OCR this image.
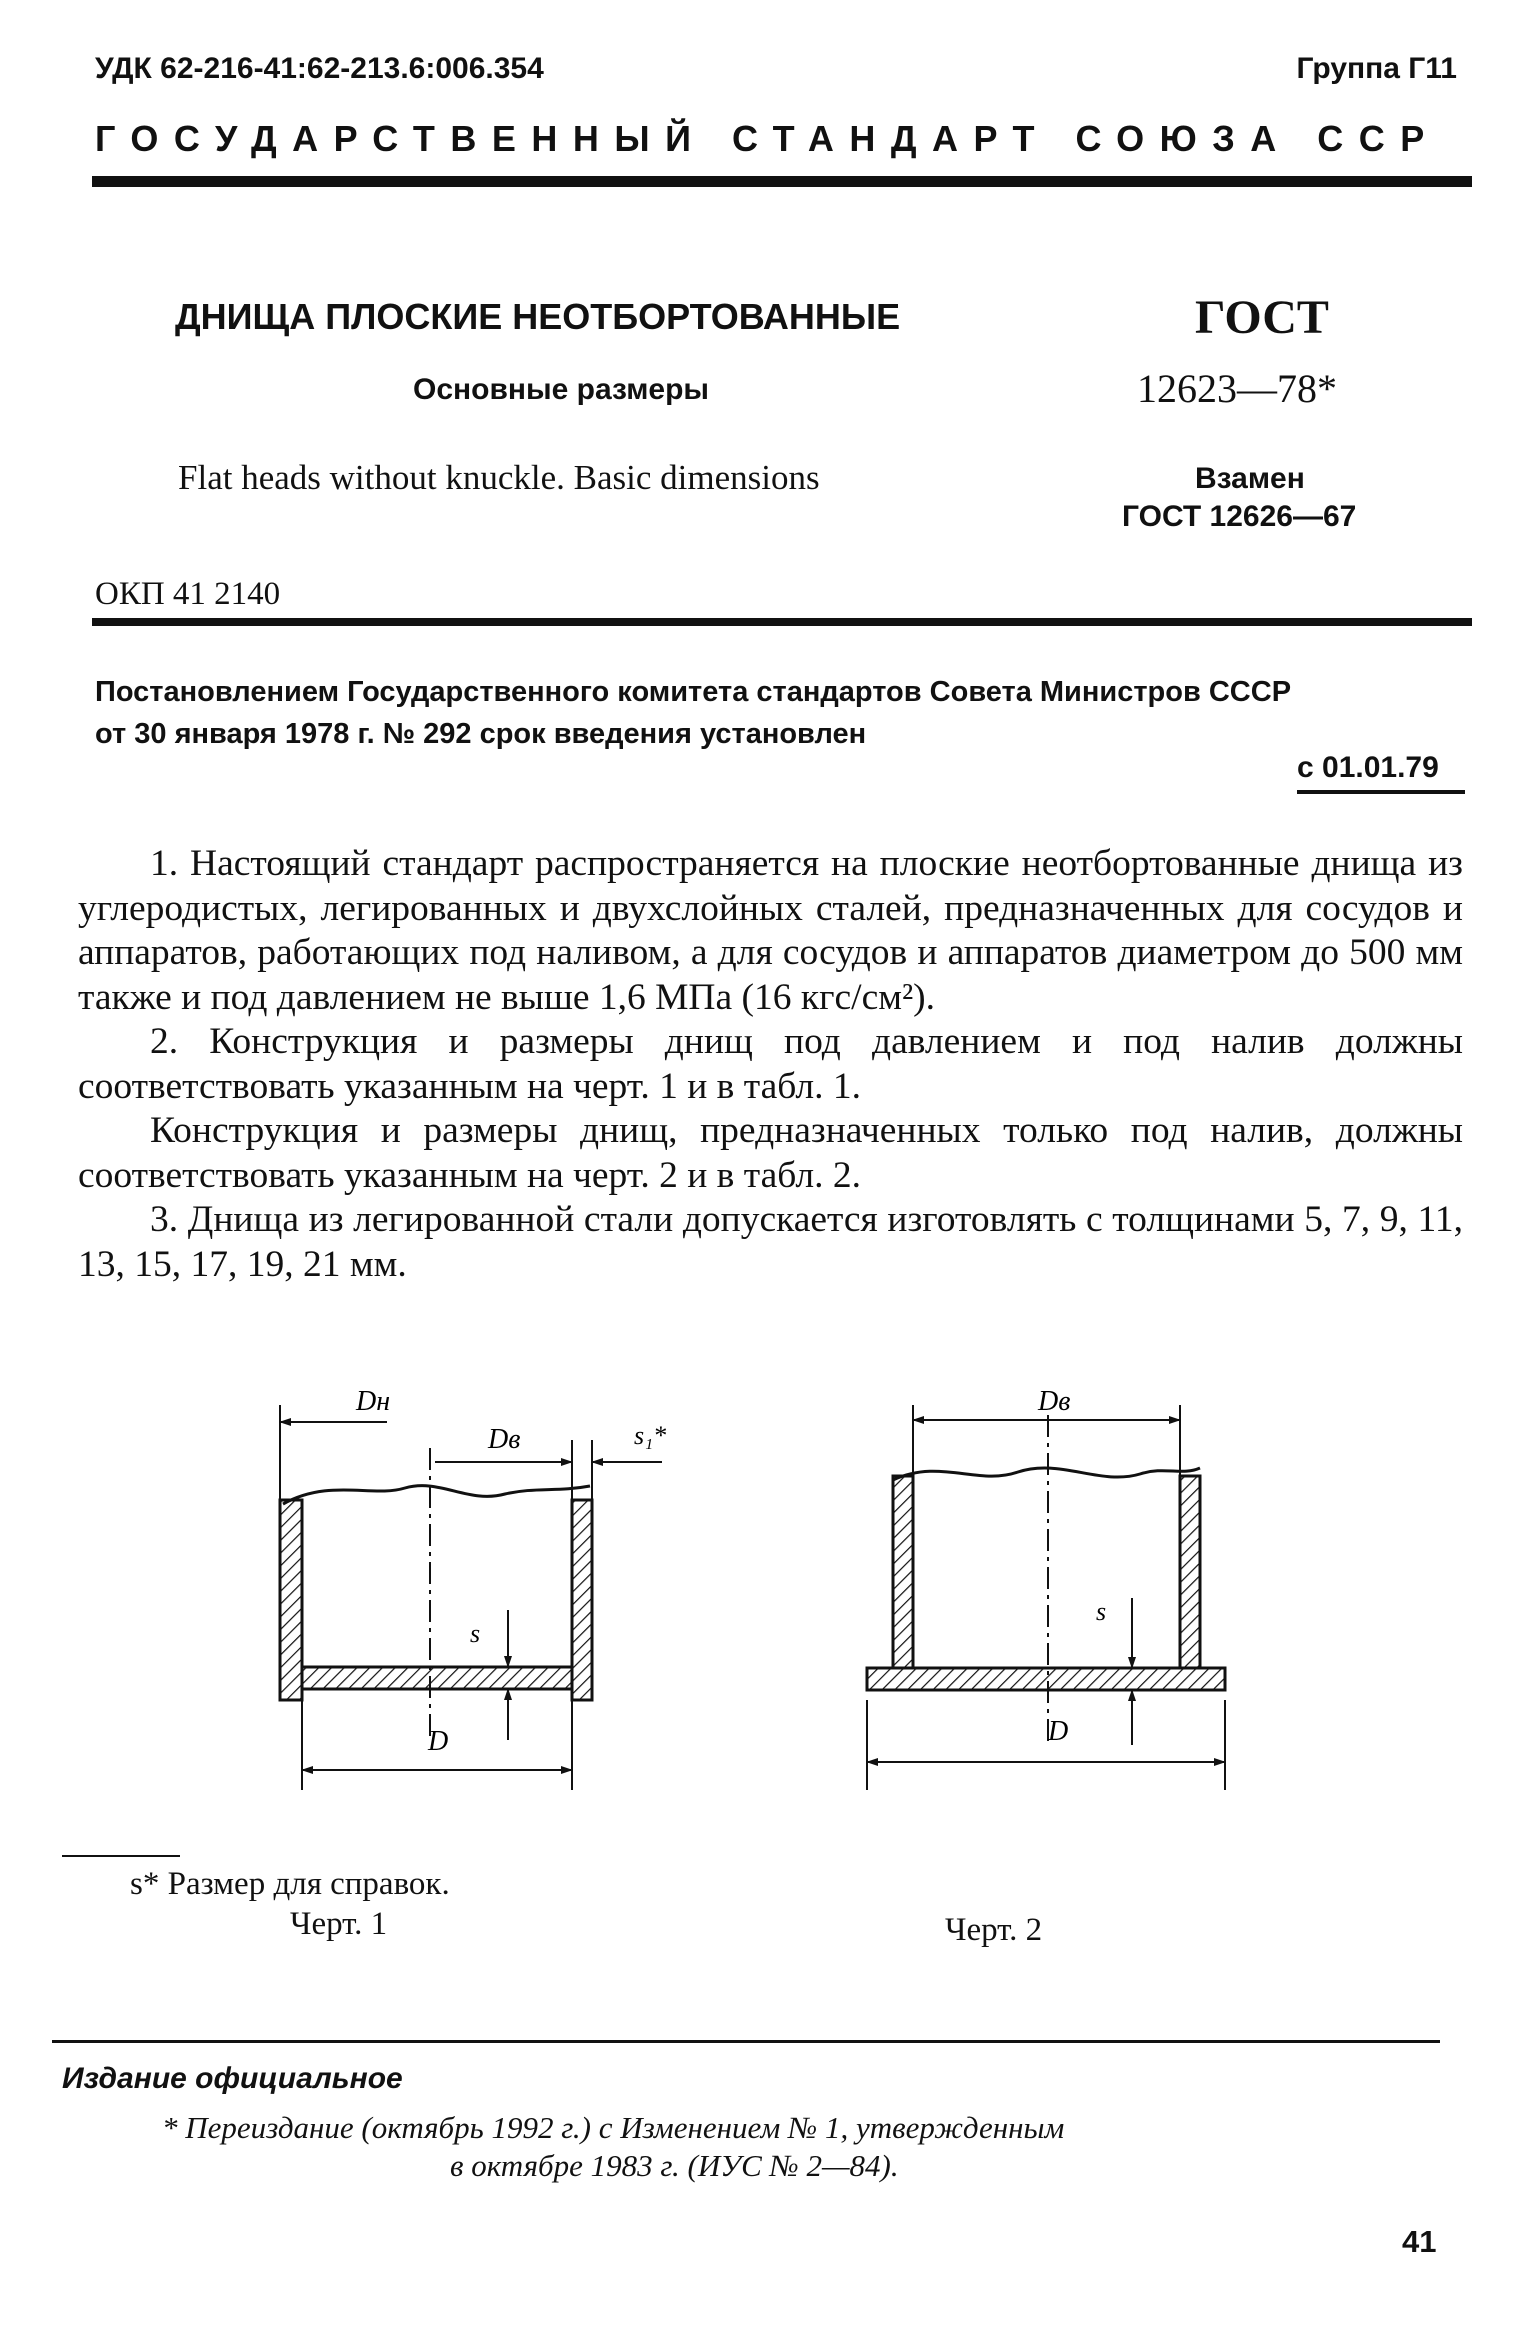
УДК 62-216-41:62-213.6:006.354	Группа Г11
ГОСУДАРСТВЕННЫЙ СТАНДАРТ СОЮЗА ССР
ДНИЩА ПЛОСКИЕ НЕОТБОРТОВАННЫЕ
Основные размеры
Flat heads without knuckle. Basic dimensions
ОКП 41 2140
ГОСТ
12623—78*
Взамен
ГОСТ 12626—67
Постановлением Государственного комитета стандартов Совета Министров СССР
от 30 января 1978 г. № 292 срок введения установлен
с 01.01.79

1. Настоящий стандарт распространяется на плоские неотбортованные днища из углеродистых, легированных и двухслойных сталей, предназначенных для сосудов и аппаратов, работающих под наливом, а для сосудов и аппаратов диаметром до 500 мм также и под давлением не выше 1,6 МПа (16 кгс/см²).

2. Конструкция и размеры днищ под давлением и под налив должны соответствовать указанным на черт. 1 и в табл. 1.

Конструкция и размеры днищ, предназначенных только под налив, должны соответствовать указанным на черт. 2 и в табл. 2.

3. Днища из легированной стали допускается изготовлять с толщинами 5, 7, 9, 11, 13, 15, 17, 19, 21 мм.

Dн
Dв	s₁*
s
D
Dв
s
D
s* Размер для справок.
Черт. 1	Черт. 2
Издание официальное
* Переиздание (октябрь 1992 г.) с Изменением № 1, утвержденным
в октябре 1983 г. (ИУС № 2—84).
41
